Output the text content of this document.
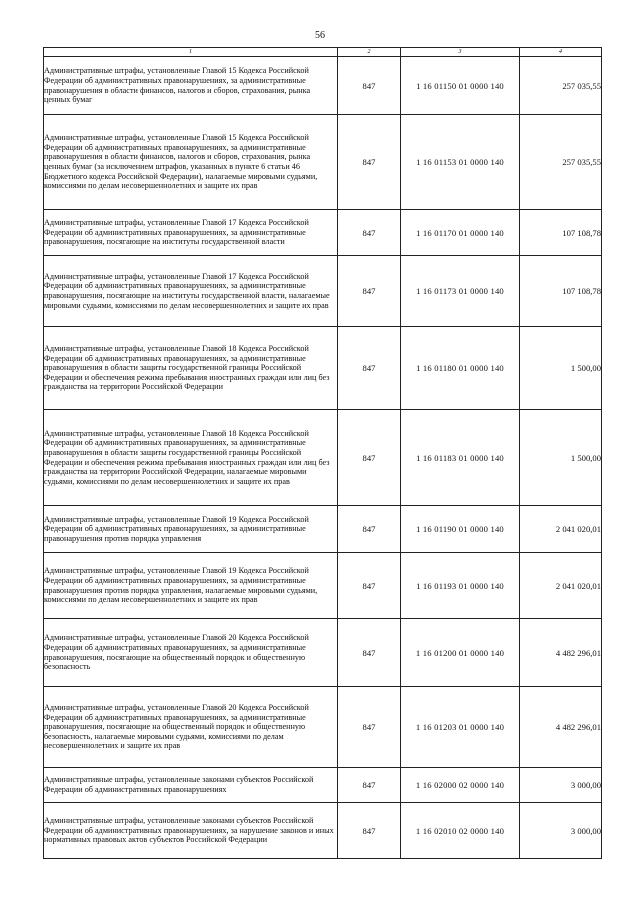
56
1	2	3	4
Административные штрафы, установленные Главой 15 Кодекса Российской Федерации об административных правонарушениях, за административные правонарушения в области финансов, налогов и сборов, страхования, рынка ценных бумаг	847	1 16 01150 01 0000 140	257 035,55
Административные штрафы, установленные Главой 15 Кодекса Российской Федерации об административных правонарушениях, за административные правонарушения в области финансов, налогов и сборов, страхования, рынка ценных бумаг (за исключением штрафов, указанных в пункте 6 статьи 46 Бюджетного кодекса Российской Федерации), налагаемые мировыми судьями, комиссиями по делам несовершеннолетних и защите их прав	847	1 16 01153 01 0000 140	257 035,55
Административные штрафы, установленные Главой 17 Кодекса Российской Федерации об административных правонарушениях, за административные правонарушения, посягающие на институты государственной власти	847	1 16 01170 01 0000 140	107 108,78
Административные штрафы, установленные Главой 17 Кодекса Российской Федерации об административных правонарушениях, за административные правонарушения, посягающие на институты государственной власти, налагаемые мировыми судьями, комиссиями по делам несовершеннолетних и защите их прав	847	1 16 01173 01 0000 140	107 108,78
Административные штрафы, установленные Главой 18 Кодекса Российской Федерации об административных правонарушениях, за административные правонарушения в области защиты государственной границы Российской Федерации и обеспечения режима пребывания иностранных граждан или лиц без гражданства на территории Российской Федерации	847	1 16 01180 01 0000 140	1 500,00
Административные штрафы, установленные Главой 18 Кодекса Российской Федерации об административных правонарушениях, за административные правонарушения в области защиты государственной границы Российской Федерации и обеспечения режима пребывания иностранных граждан или лиц без гражданства на территории Российской Федерации, налагаемые мировыми судьями, комиссиями по делам несовершеннолетних и защите их прав	847	1 16 01183 01 0000 140	1 500,00
Административные штрафы, установленные Главой 19 Кодекса Российской Федерации об административных правонарушениях, за административные правонарушения против порядка управления	847	1 16 01190 01 0000 140	2 041 020,01
Административные штрафы, установленные Главой 19 Кодекса Российской Федерации об административных правонарушениях, за административные правонарушения против порядка управления, налагаемые мировыми судьями, комиссиями по делам несовершеннолетних и защите их прав	847	1 16 01193 01 0000 140	2 041 020,01
Административные штрафы, установленные Главой 20 Кодекса Российской Федерации об административных правонарушениях, за административные правонарушения, посягающие на общественный порядок и общественную безопасность	847	1 16 01200 01 0000 140	4 482 296,01
Административные штрафы, установленные Главой 20 Кодекса Российской Федерации об административных правонарушениях, за административные правонарушения, посягающие на общественный порядок и общественную безопасность, налагаемые мировыми судьями, комиссиями по делам несовершеннолетних и защите их прав	847	1 16 01203 01 0000 140	4 482 296,01
Административные штрафы, установленные законами субъектов Российской Федерации об административных правонарушениях	847	1 16 02000 02 0000 140	3 000,00
Административные штрафы, установленные законами субъектов Российской Федерации об административных правонарушениях, за нарушение законов и иных нормативных правовых актов субъектов Российской Федерации	847	1 16 02010 02 0000 140	3 000,00
